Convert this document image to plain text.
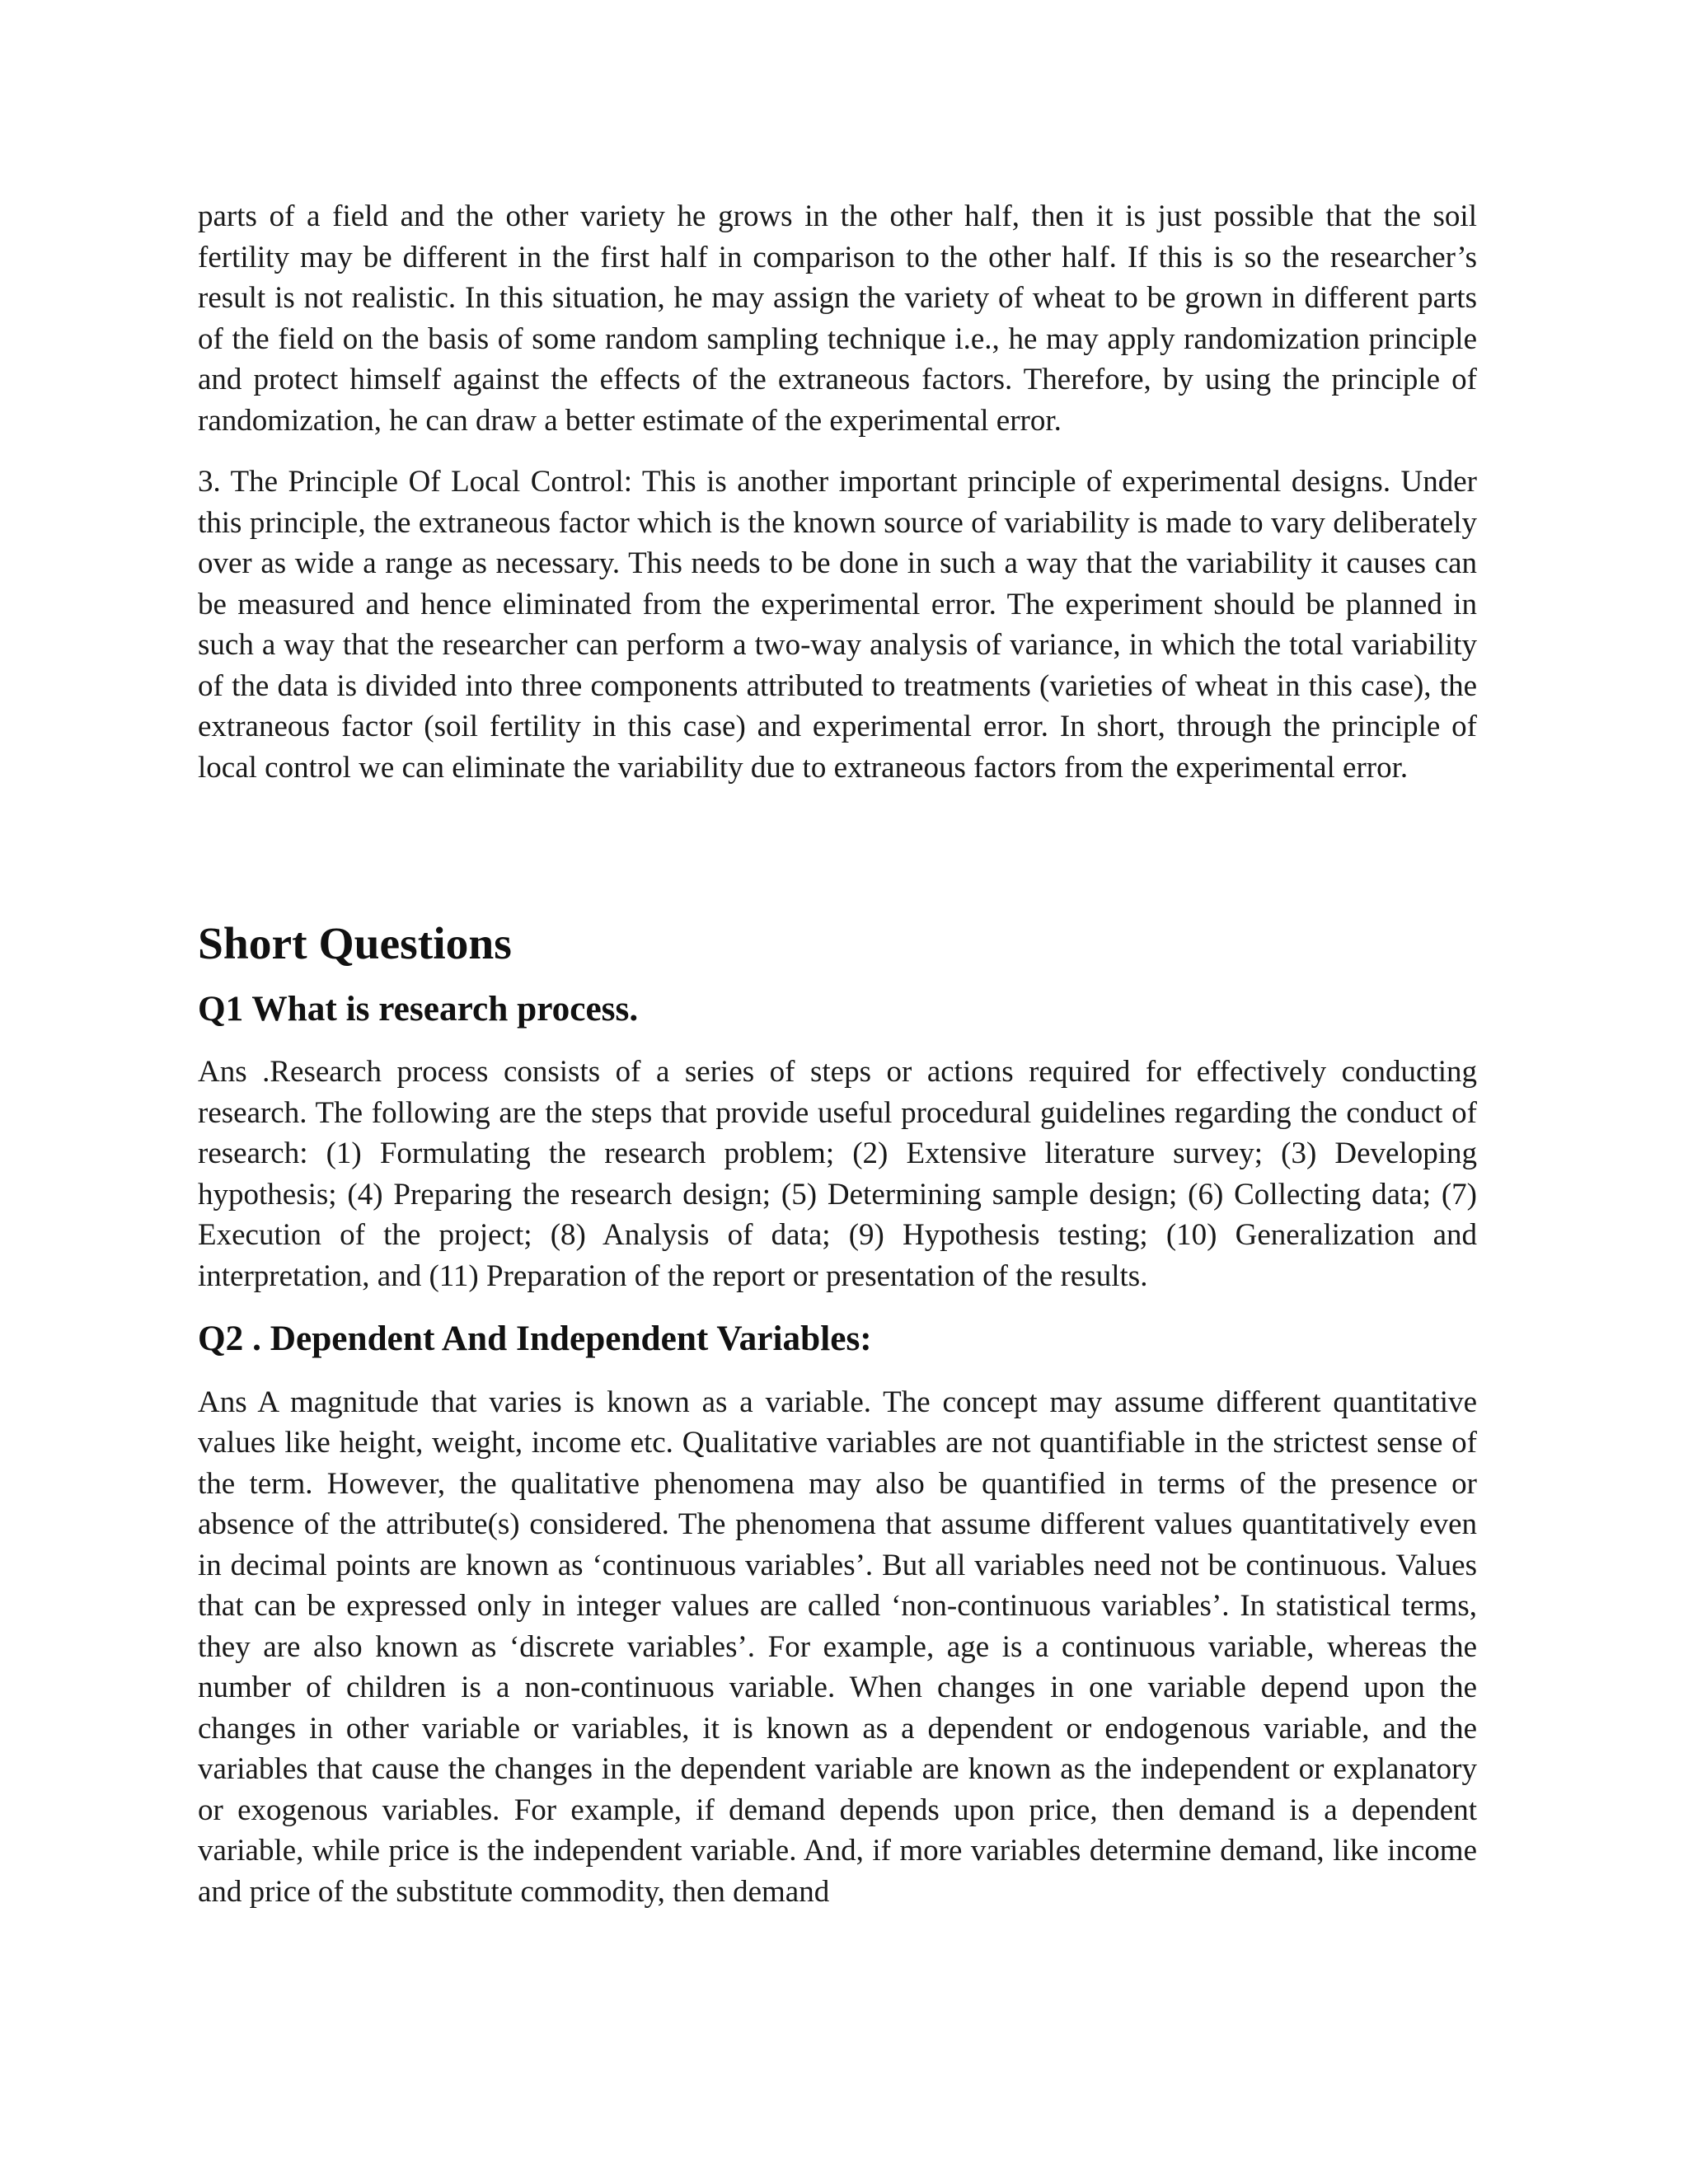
parts of a field and the other variety he grows in the other half, then it is just possible that the soil fertility may be different in the first half in comparison to the other half. If this is so the researcher’s result is not realistic. In this situation, he may assign the variety of wheat to be grown in different parts of the field on the basis of some random sampling technique i.e., he may apply randomization principle and protect himself against the effects of the extraneous factors. Therefore, by using the principle of randomization, he can draw a better estimate of the experimental error.

3. The Principle Of Local Control: This is another important principle of experimental designs. Under this principle, the extraneous factor which is the known source of variability is made to vary deliberately over as wide a range as necessary. This needs to be done in such a way that the variability it causes can be measured and hence eliminated from the experimental error. The experiment should be planned in such a way that the researcher can perform a two-way analysis of variance, in which the total variability of the data is divided into three components attributed to treatments (varieties of wheat in this case), the extraneous factor (soil fertility in this case) and experimental error. In short, through the principle of local control we can eliminate the variability due to extraneous factors from the experimental error.

Short Questions
Q1 What is research process.

Ans .Research process consists of a series of steps or actions required for effectively conducting research. The following are the steps that provide useful procedural guidelines regarding the conduct of research: (1) Formulating the research problem; (2) Extensive literature survey; (3) Developing hypothesis; (4) Preparing the research design; (5) Determining sample design; (6) Collecting data; (7) Execution of the project; (8) Analysis of data; (9) Hypothesis testing; (10) Generalization and interpretation, and (11) Preparation of the report or presentation of the results.

Q2 . Dependent And Independent Variables:

Ans A magnitude that varies is known as a variable. The concept may assume different quantitative values like height, weight, income etc. Qualitative variables are not quantifiable in the strictest sense of the term. However, the qualitative phenomena may also be quantified in terms of the presence or absence of the attribute(s) considered. The phenomena that assume different values quantitatively even in decimal points are known as ‘continuous variables’. But all variables need not be continuous. Values that can be expressed only in integer values are called ‘non-continuous variables’. In statistical terms, they are also known as ‘discrete variables’. For example, age is a continuous variable, whereas the number of children is a non-continuous variable. When changes in one variable depend upon the changes in other variable or variables, it is known as a dependent or endogenous variable, and the variables that cause the changes in the dependent variable are known as the independent or explanatory or exogenous variables. For example, if demand depends upon price, then demand is a dependent variable, while price is the independent variable. And, if more variables determine demand, like income and price of the substitute commodity, then demand
